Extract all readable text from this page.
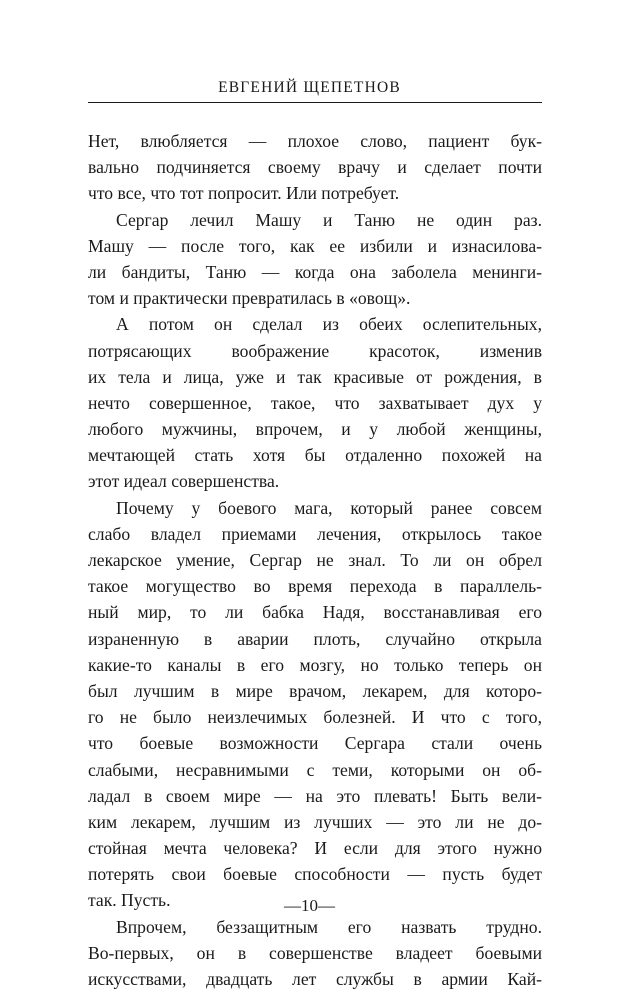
ЕВГЕНИЙ ЩЕПЕТНОВ
Нет, влюбляется — плохое слово, пациент бук-
вально подчиняется своему врачу и сделает почти
что все, что тот попросит. Или потребует.
Сергар лечил Машу и Таню не один раз.
Машу — после того, как ее избили и изнасилова-
ли бандиты, Таню — когда она заболела менинги-
том и практически превратилась в «овощ».
А потом он сделал из обеих ослепительных,
потрясающих воображение красоток, изменив
их тела и лица, уже и так красивые от рождения, в
нечто совершенное, такое, что захватывает дух у
любого мужчины, впрочем, и у любой женщины,
мечтающей стать хотя бы отдаленно похожей на
этот идеал совершенства.
Почему у боевого мага, который ранее совсем
слабо владел приемами лечения, открылось такое
лекарское умение, Сергар не знал. То ли он обрел
такое могущество во время перехода в параллель-
ный мир, то ли бабка Надя, восстанавливая его
израненную в аварии плоть, случайно открыла
какие-то каналы в его мозгу, но только теперь он
был лучшим в мире врачом, лекарем, для которо-
го не было неизлечимых болезней. И что с того,
что боевые возможности Сергара стали очень
слабыми, несравнимыми с теми, которыми он об-
ладал в своем мире — на это плевать! Быть вели-
ким лекарем, лучшим из лучших — это ли не до-
стойная мечта человека? И если для этого нужно
потерять свои боевые способности — пусть будет
так. Пусть.
Впрочем, беззащитным его назвать трудно.
Во-первых, он в совершенстве владеет боевыми
искусствами, двадцать лет службы в армии Кай-
—10—
